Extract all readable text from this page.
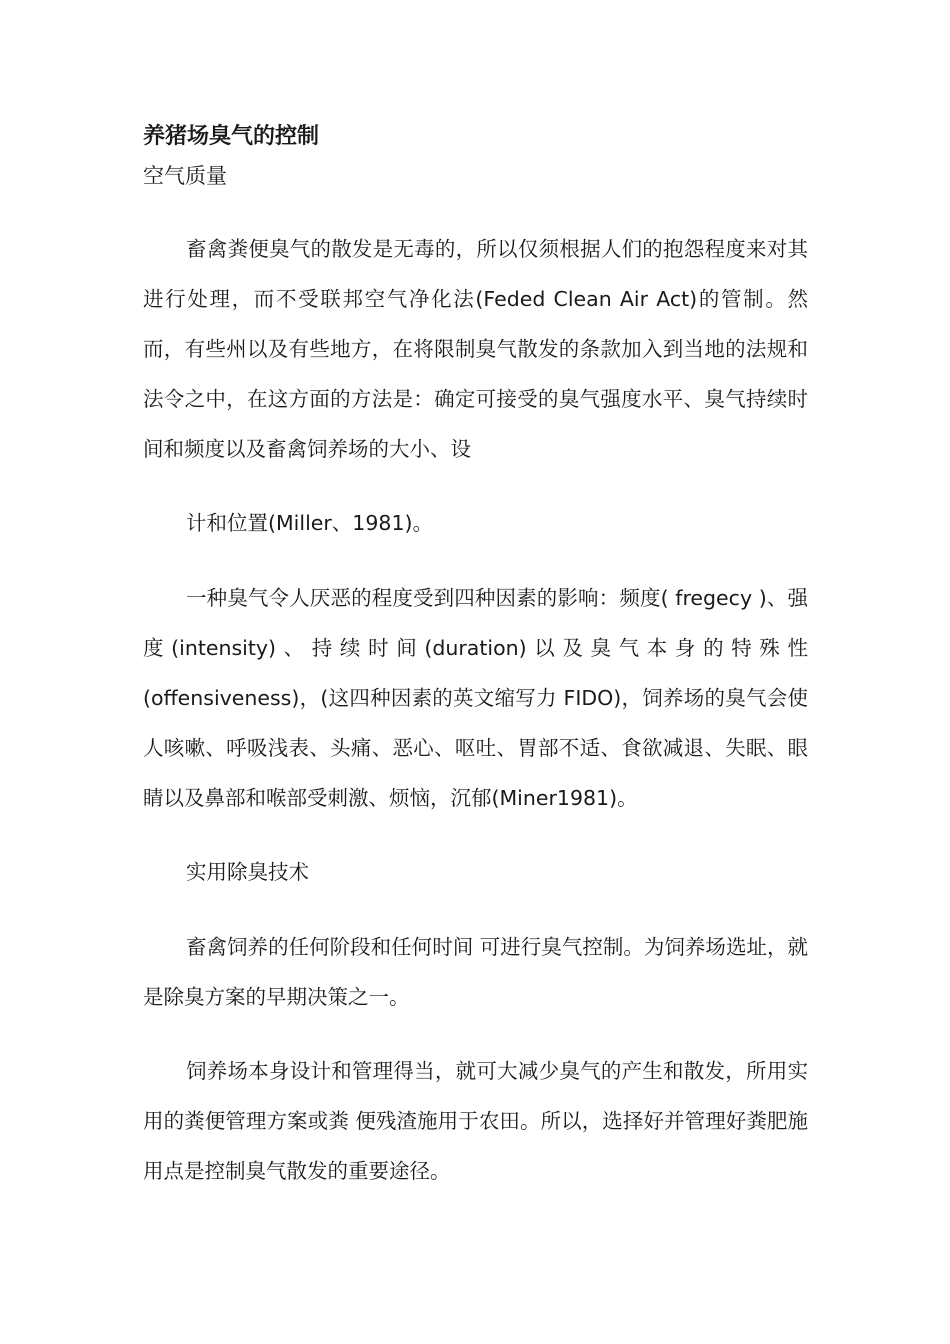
养猪场臭气的控制
空气质量

畜禽粪便臭气的散发是无毒的，所以仅须根据人们的抱怨程度来对其进行处理，而不受联邦空气净化法(Feded Clean Air Act)的管制。然而，有些州以及有些地方，在将限制臭气散发的条款加入到当地的法规和法令之中，在这方面的方法是：确定可接受的臭气强度水平、臭气持续时间和频度以及畜禽饲养场的大小、设

计和位置(Miller、1981)。

一种臭气令人厌恶的程度受到四种因素的影响：频度( fregecy )、强度(intensity)、持续时间(duration)以及臭气本身的特殊性(offensiveness)，(这四种因素的英文缩写力 FIDO)，饲养场的臭气会使人咳嗽、呼吸浅表、头痛、恶心、呕吐、胃部不适、食欲减退、失眠、眼睛以及鼻部和喉部受刺激、烦恼，沉郁(Miner1981)。

实用除臭技术

畜禽饲养的任何阶段和任何时间 可进行臭气控制。为饲养场选址，就是除臭方案的早期决策之一。

饲养场本身设计和管理得当，就可大减少臭气的产生和散发，所用实用的粪便管理方案或粪 便残渣施用于农田。所以，选择好并管理好粪肥施用点是控制臭气散发的重要途径。
